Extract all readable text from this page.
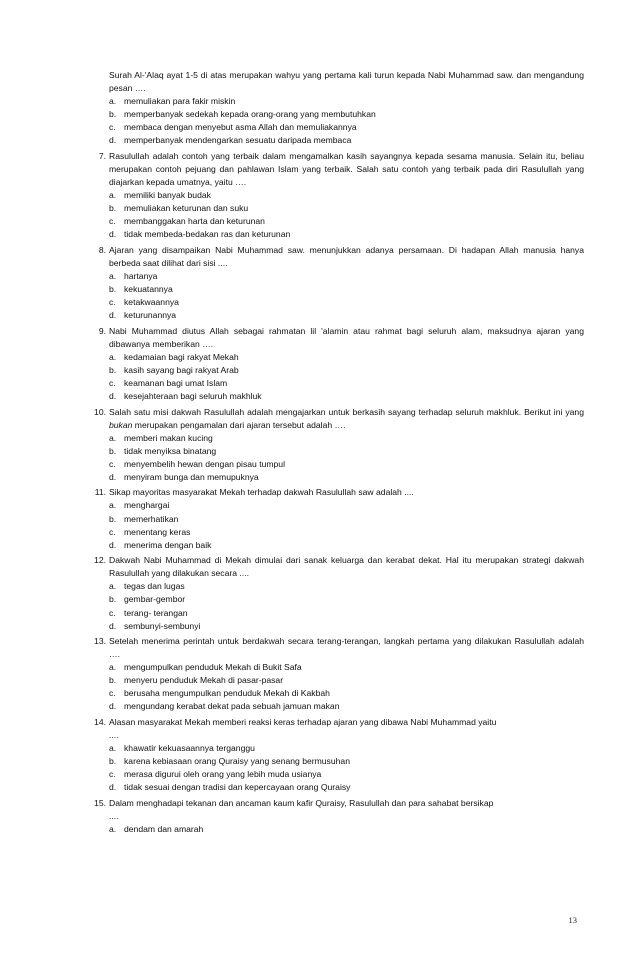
Surah Al-'Alaq ayat 1-5 di atas merupakan wahyu yang pertama kali turun kepada Nabi Muhammad saw. dan mengandung pesan ….

a. memuliakan para fakir miskin
b. memperbanyak sedekah kepada orang-orang yang membutuhkan
c. membaca dengan menyebut asma Allah dan memuliakannya
d. memperbanyak mendengarkan sesuatu daripada membaca
7. Rasulullah adalah contoh yang terbaik dalam mengamalkan kasih sayangnya kepada sesama manusia. Selain itu, beliau merupakan contoh pejuang dan pahlawan Islam yang terbaik. Salah satu contoh yang terbaik pada diri Rasulullah yang diajarkan kepada umatnya, yaitu ….

a. memiliki banyak budak
b. memuliakan keturunan dan suku
c. membanggakan harta dan keturunan
d. tidak membeda-bedakan ras dan keturunan
8. Ajaran yang disampaikan Nabi Muhammad saw. menunjukkan adanya persamaan. Di hadapan Allah manusia hanya berbeda saat dilihat dari sisi ....

a. hartanya
b. kekuatannya
c. ketakwaannya
d. keturunannya
9. Nabi Muhammad diutus Allah sebagai rahmatan lil 'alamin atau rahmat bagi seluruh alam, maksudnya ajaran yang dibawanya memberikan ….

a. kedamaian bagi rakyat Mekah
b. kasih sayang bagi rakyat Arab
c. keamanan bagi umat Islam
d. kesejahteraan bagi seluruh makhluk
10. Salah satu misi dakwah Rasulullah adalah mengajarkan untuk berkasih sayang terhadap seluruh makhluk. Berikut ini yang bukan merupakan pengamalan dari ajaran tersebut adalah ….

a. memberi makan kucing
b. tidak menyiksa binatang
c. menyembelih hewan dengan pisau tumpul
d. menyiram bunga dan memupuknya
11. Sikap mayoritas masyarakat Mekah terhadap dakwah Rasulullah saw adalah ....

a. menghargai
b. memerhatikan
c. menentang keras
d. menerima dengan baik
12. Dakwah Nabi Muhammad di Mekah dimulai dari sanak keluarga dan kerabat dekat. Hal itu merupakan strategi dakwah Rasulullah yang dilakukan secara ....

a. tegas dan lugas
b. gembar-gembor
c. terang- terangan
d. sembunyi-sembunyi
13. Setelah menerima perintah untuk berdakwah secara terang-terangan, langkah pertama yang dilakukan Rasulullah adalah ….

a. mengumpulkan penduduk Mekah di Bukit Safa
b. menyeru penduduk Mekah di pasar-pasar
c. berusaha mengumpulkan penduduk Mekah di Kakbah
d. mengundang kerabat dekat pada sebuah jamuan makan
14. Alasan masyarakat Mekah memberi reaksi keras terhadap ajaran yang dibawa Nabi Muhammad yaitu

....

a. khawatir kekuasaannya terganggu
b. karena kebiasaan orang Quraisy yang senang bermusuhan
c. merasa digurui oleh orang yang lebih muda usianya
d. tidak sesuai dengan tradisi dan kepercayaan orang Quraisy
15. Dalam menghadapi tekanan dan ancaman kaum kafir Quraisy, Rasulullah dan para sahabat bersikap

....

a. dendam dan amarah
13
